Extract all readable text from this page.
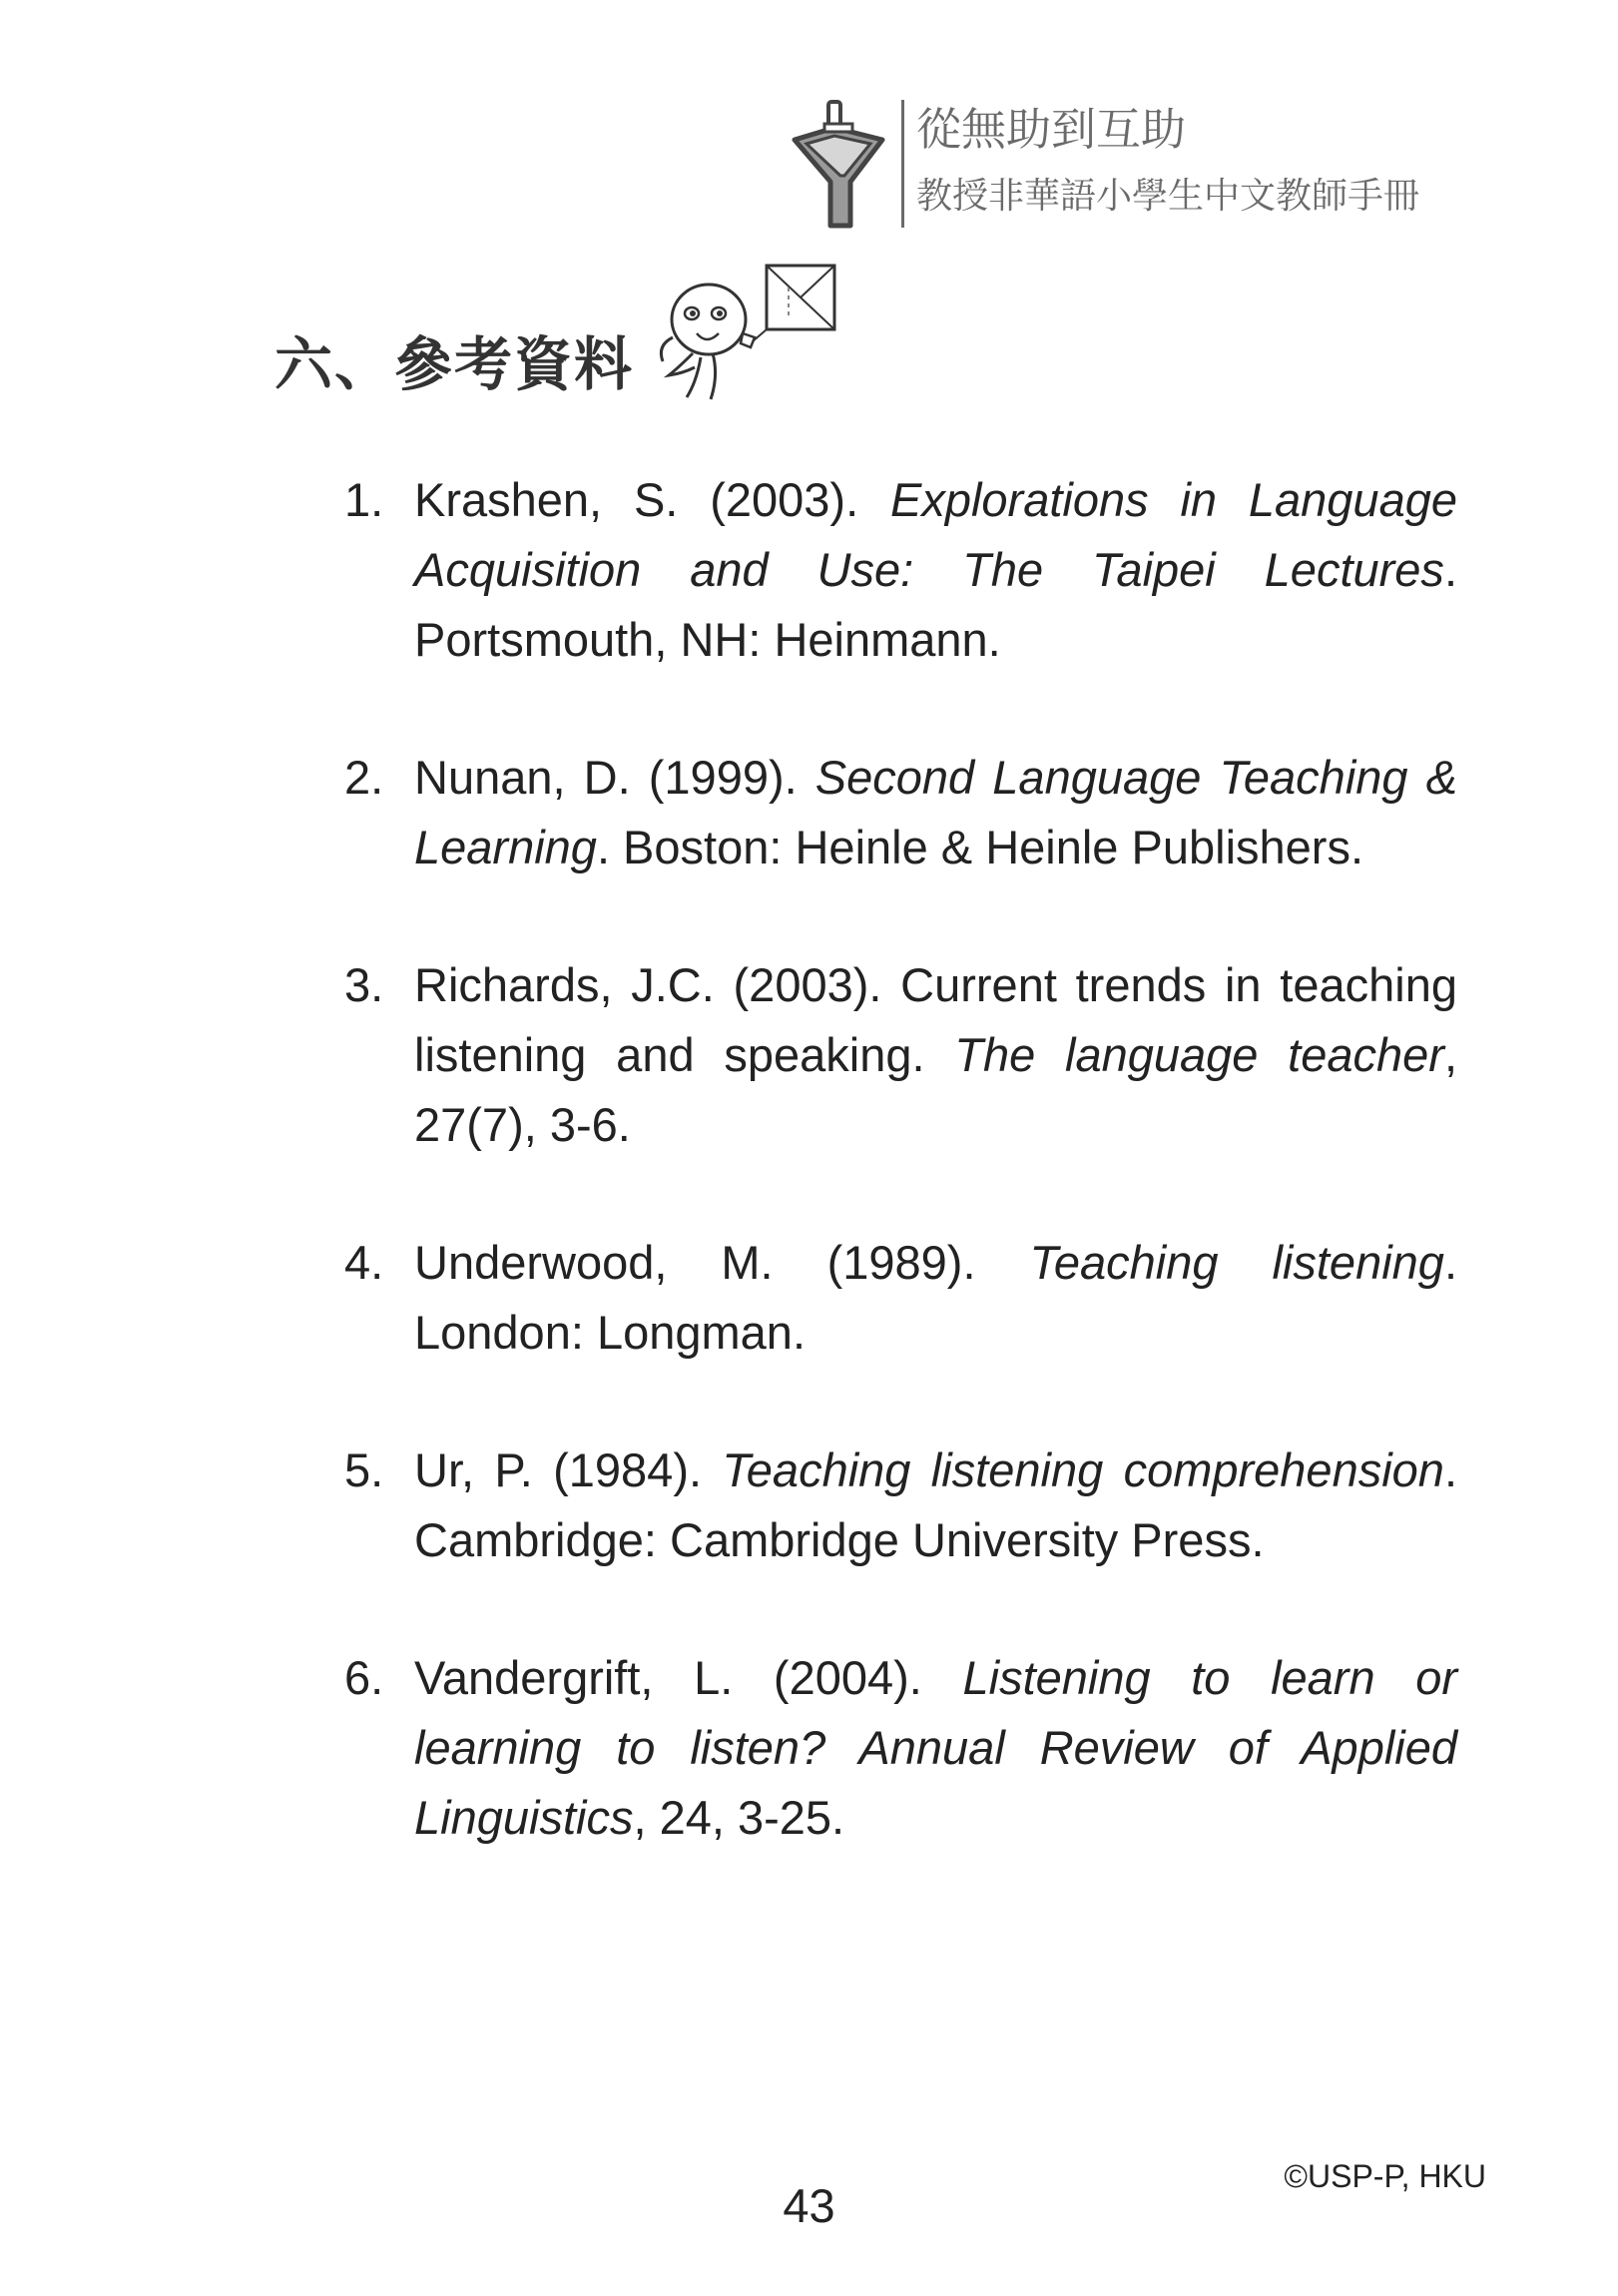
從無助到互助
教授非華語小學生中文教師手冊
六、參考資料
1. Krashen, S. (2003). Explorations in Language Acquisition and Use: The Taipei Lectures. Portsmouth, NH: Heinmann.
2. Nunan, D. (1999). Second Language Teaching & Learning. Boston: Heinle & Heinle Publishers.
3. Richards, J.C. (2003). Current trends in teaching listening and speaking. The language teacher, 27(7), 3-6.
4. Underwood, M. (1989). Teaching listening. London: Longman.
5. Ur, P. (1984). Teaching listening comprehension. Cambridge: Cambridge University Press.
6. Vandergrift, L. (2004). Listening to learn or learning to listen? Annual Review of Applied Linguistics, 24, 3-25.
©USP-P, HKU
43
